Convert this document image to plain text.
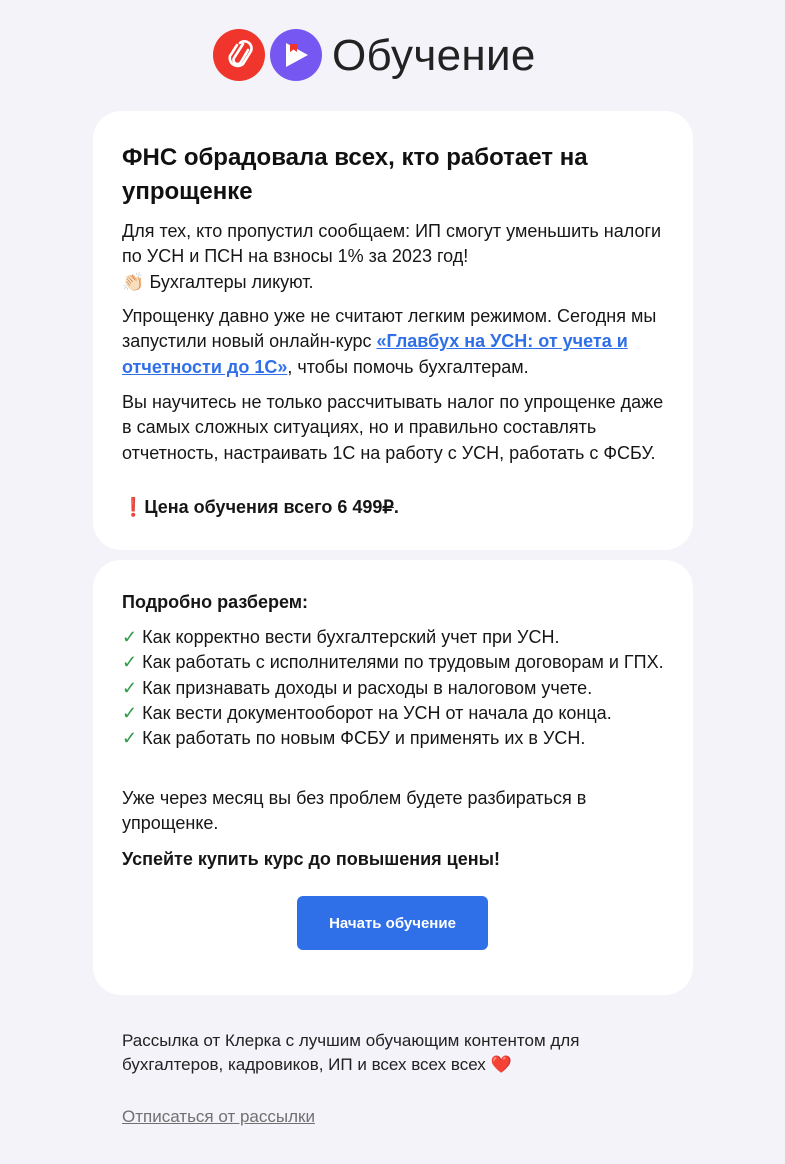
Обучение
ФНС обрадовала всех, кто работает на упрощенке

Для тех, кто пропустил сообщаем: ИП смогут уменьшить налоги по УСН и ПСН на взносы 1% за 2023 год!
👏🏻 Бухгалтеры ликуют.

Упрощенку давно уже не считают легким режимом. Сегодня мы запустили новый онлайн-курс «Главбух на УСН: от учета и отчетности до 1С», чтобы помочь бухгалтерам.

Вы научитесь не только рассчитывать налог по упрощенке даже в самых сложных ситуациях, но и правильно составлять отчетность, настраивать 1С на работу с УСН, работать с ФСБУ.

❗Цена обучения всего 6 499₽.

Подробно разберем:

✓ Как корректно вести бухгалтерский учет при УСН.
✓ Как работать с исполнителями по трудовым договорам и ГПХ.
✓ Как признавать доходы и расходы в налоговом учете.
✓ Как вести документооборот на УСН от начала до конца.
✓ Как работать по новым ФСБУ и применять их в УСН.

Уже через месяц вы без проблем будете разбираться в упрощенке.

Успейте купить курс до повышения цены!

Начать обучение

Рассылка от Клерка с лучшим обучающим контентом для бухгалтеров, кадровиков, ИП и всех всех всех ❤️

Отписаться от рассылки
